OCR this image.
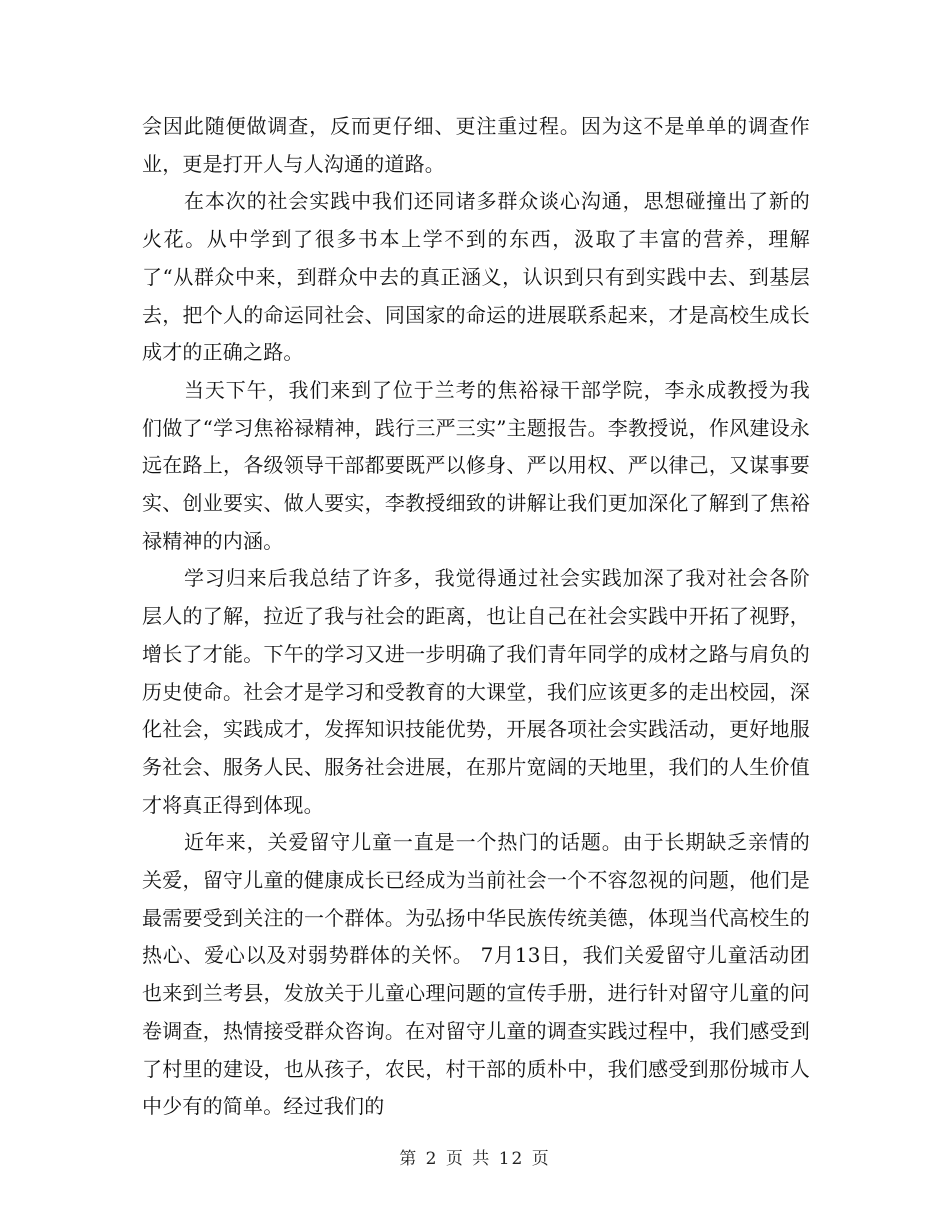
会因此随便做调查，反而更仔细、更注重过程。因为这不是单单的调查作业，更是打开人与人沟通的道路。

在本次的社会实践中我们还同诸多群众谈心沟通，思想碰撞出了新的火花。从中学到了很多书本上学不到的东西，汲取了丰富的营养，理解了“从群众中来，到群众中去的真正涵义，认识到只有到实践中去、到基层去，把个人的命运同社会、同国家的命运的进展联系起来，才是高校生成长成才的正确之路。

当天下午，我们来到了位于兰考的焦裕禄干部学院，李永成教授为我们做了“学习焦裕禄精神，践行三严三实”主题报告。李教授说，作风建设永远在路上，各级领导干部都要既严以修身、严以用权、严以律己，又谋事要实、创业要实、做人要实，李教授细致的讲解让我们更加深化了解到了焦裕禄精神的内涵。

学习归来后我总结了许多，我觉得通过社会实践加深了我对社会各阶层人的了解，拉近了我与社会的距离，也让自己在社会实践中开拓了视野，增长了才能。下午的学习又进一步明确了我们青年同学的成材之路与肩负的历史使命。社会才是学习和受教育的大课堂，我们应该更多的走出校园，深化社会，实践成才，发挥知识技能优势，开展各项社会实践活动，更好地服务社会、服务人民、服务社会进展，在那片宽阔的天地里，我们的人生价值才将真正得到体现。

近年来，关爱留守儿童一直是一个热门的话题。由于长期缺乏亲情的关爱，留守儿童的健康成长已经成为当前社会一个不容忽视的问题，他们是最需要受到关注的一个群体。为弘扬中华民族传统美德，体现当代高校生的热心、爱心以及对弱势群体的关怀。 7月13日，我们关爱留守儿童活动团也来到兰考县，发放关于儿童心理问题的宣传手册，进行针对留守儿童的问卷调查，热情接受群众咨询。在对留守儿童的调查实践过程中，我们感受到了村里的建设，也从孩子，农民，村干部的质朴中，我们感受到那份城市人中少有的简单。经过我们的

第 2 页 共 12 页
